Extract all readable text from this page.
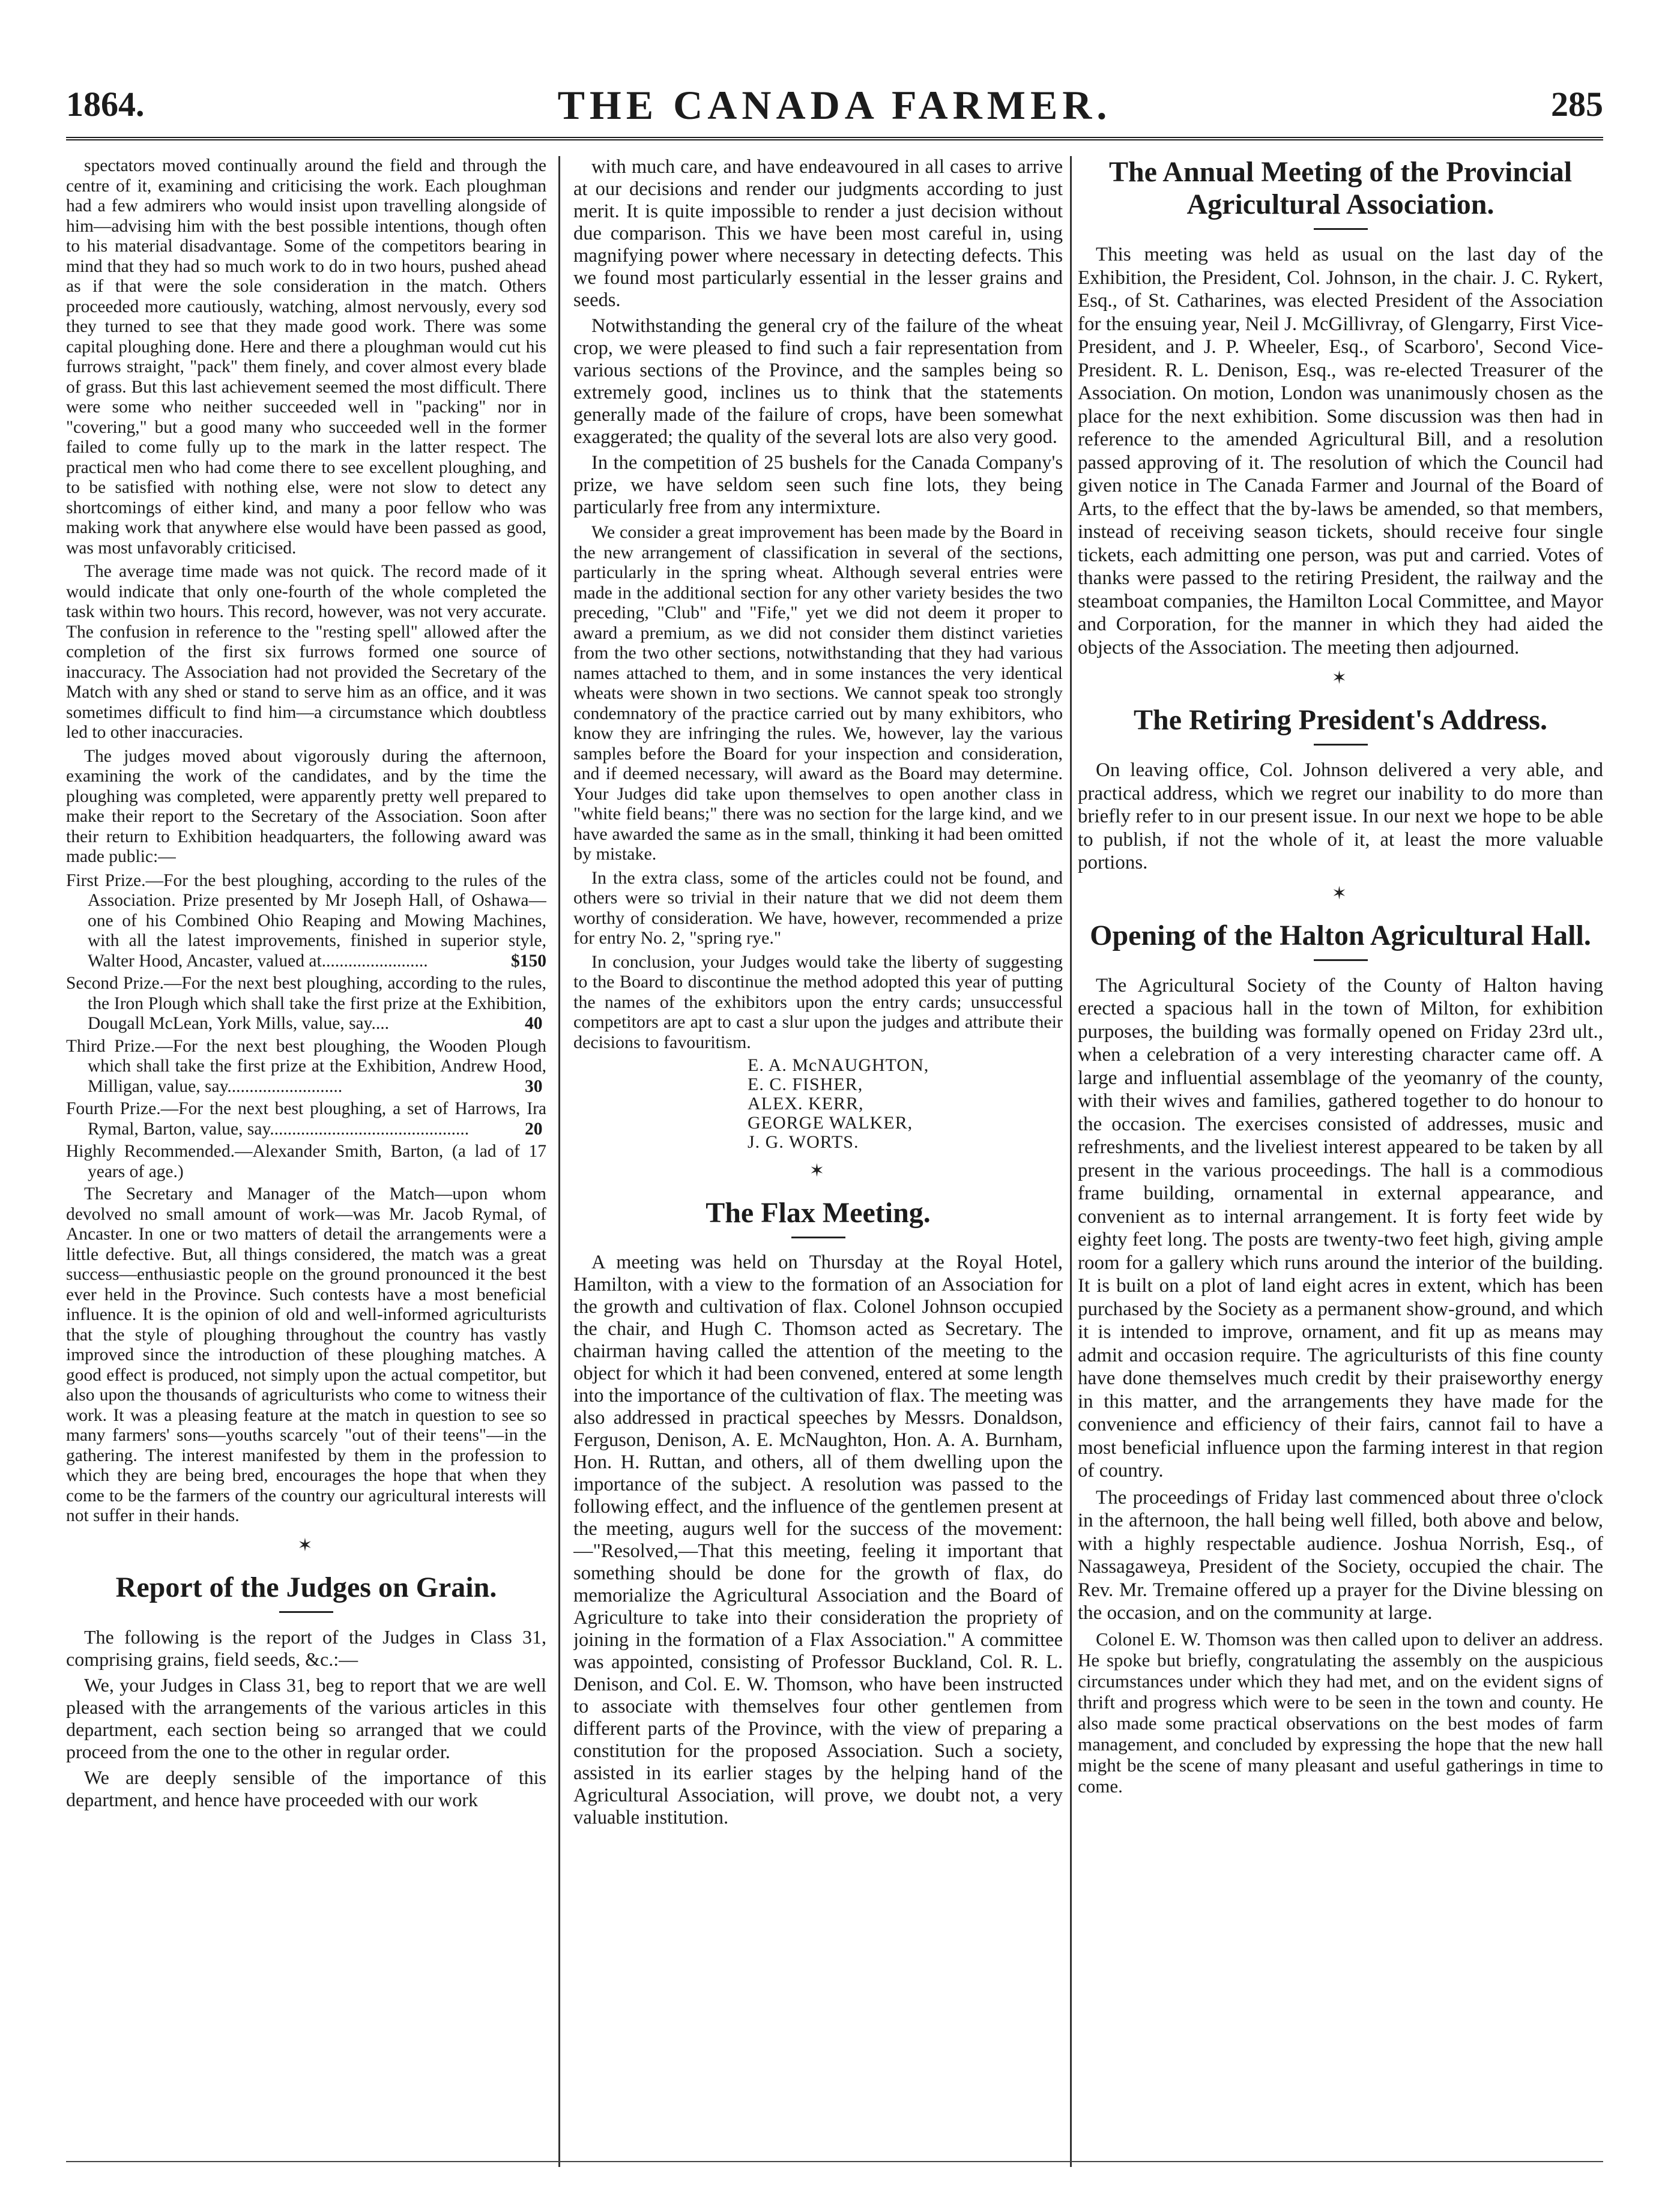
1864.	THE CANADA FARMER.	285

spectators moved continually around the field and through the centre of it, examining and criticising the work. Each ploughman had a few admirers who would insist upon travelling alongside of him—advising him with the best possible intentions, though often to his material disadvantage. Some of the competitors bearing in mind that they had so much work to do in two hours, pushed ahead as if that were the sole consideration in the match. Others proceeded more cautiously, watching, almost nervously, every sod they turned to see that they made good work. There was some capital ploughing done. Here and there a ploughman would cut his furrows straight, "pack" them finely, and cover almost every blade of grass. But this last achievement seemed the most difficult. There were some who neither succeeded well in "packing" nor in "covering," but a good many who succeeded well in the former failed to come fully up to the mark in the latter respect. The practical men who had come there to see excellent ploughing, and to be satisfied with nothing else, were not slow to detect any shortcomings of either kind, and many a poor fellow who was making work that anywhere else would have been passed as good, was most unfavorably criticised.

The average time made was not quick. The record made of it would indicate that only one-fourth of the whole completed the task within two hours. This record, however, was not very accurate. The confusion in reference to the "resting spell" allowed after the completion of the first six furrows formed one source of inaccuracy. The Association had not provided the Secretary of the Match with any shed or stand to serve him as an office, and it was sometimes difficult to find him—a circumstance which doubtless led to other inaccuracies.

The judges moved about vigorously during the afternoon, examining the work of the candidates, and by the time the ploughing was completed, were apparently pretty well prepared to make their report to the Secretary of the Association. Soon after their return to Exhibition headquarters, the following award was made public:—

First Prize.—For the best ploughing, according to the rules of the Association. Prize presented by Mr Joseph Hall, of Oshawa—one of his Combined Ohio Reaping and Mowing Machines, with all the latest improvements, finished in superior style, Walter Hood, Ancaster, valued at........................	$150
Second Prize.—For the next best ploughing, according to the rules, the Iron Plough which shall take the first prize at the Exhibition, Dougall McLean, York Mills, value, say....	40
Third Prize.—For the next best ploughing, the Wooden Plough which shall take the first prize at the Exhibition, Andrew Hood, Milligan, value, say..........................	30
Fourth Prize.—For the next best ploughing, a set of Harrows, Ira Rymal, Barton, value, say.............................................	20
Highly Recommended.—Alexander Smith, Barton, (a lad of 17 years of age.)

The Secretary and Manager of the Match—upon whom devolved no small amount of work—was Mr. Jacob Rymal, of Ancaster. In one or two matters of detail the arrangements were a little defective. But, all things considered, the match was a great success—enthusiastic people on the ground pronounced it the best ever held in the Province. Such contests have a most beneficial influence. It is the opinion of old and well-informed agriculturists that the style of ploughing throughout the country has vastly improved since the introduction of these ploughing matches. A good effect is produced, not simply upon the actual competitor, but also upon the thousands of agriculturists who come to witness their work. It was a pleasing feature at the match in question to see so many farmers' sons—youths scarcely "out of their teens"—in the gathering. The interest manifested by them in the profession to which they are being bred, encourages the hope that when they come to be the farmers of the country our agricultural interests will not suffer in their hands.

✶
Report of the Judges on Grain.

The following is the report of the Judges in Class 31, comprising grains, field seeds, &c.:—

We, your Judges in Class 31, beg to report that we are well pleased with the arrangements of the various articles in this department, each section being so arranged that we could proceed from the one to the other in regular order.

We are deeply sensible of the importance of this department, and hence have proceeded with our work

with much care, and have endeavoured in all cases to arrive at our decisions and render our judgments according to just merit. It is quite impossible to render a just decision without due comparison. This we have been most careful in, using magnifying power where necessary in detecting defects. This we found most particularly essential in the lesser grains and seeds.

Notwithstanding the general cry of the failure of the wheat crop, we were pleased to find such a fair representation from various sections of the Province, and the samples being so extremely good, inclines us to think that the statements generally made of the failure of crops, have been somewhat exaggerated; the quality of the several lots are also very good.

In the competition of 25 bushels for the Canada Company's prize, we have seldom seen such fine lots, they being particularly free from any intermixture.

We consider a great improvement has been made by the Board in the new arrangement of classification in several of the sections, particularly in the spring wheat. Although several entries were made in the additional section for any other variety besides the two preceding, "Club" and "Fife," yet we did not deem it proper to award a premium, as we did not consider them distinct varieties from the two other sections, notwithstanding that they had various names attached to them, and in some instances the very identical wheats were shown in two sections. We cannot speak too strongly condemnatory of the practice carried out by many exhibitors, who know they are infringing the rules. We, however, lay the various samples before the Board for your inspection and consideration, and if deemed necessary, will award as the Board may determine. Your Judges did take upon themselves to open another class in "white field beans;" there was no section for the large kind, and we have awarded the same as in the small, thinking it had been omitted by mistake.

In the extra class, some of the articles could not be found, and others were so trivial in their nature that we did not deem them worthy of consideration. We have, however, recommended a prize for entry No. 2, "spring rye."

In conclusion, your Judges would take the liberty of suggesting to the Board to discontinue the method adopted this year of putting the names of the exhibitors upon the entry cards; unsuccessful competitors are apt to cast a slur upon the judges and attribute their decisions to favouritism.

E. A. McNAUGHTON,
E. C. FISHER,
ALEX. KERR,
GEORGE WALKER,
J. G. WORTS.
✶
The Flax Meeting.

A meeting was held on Thursday at the Royal Hotel, Hamilton, with a view to the formation of an Association for the growth and cultivation of flax. Colonel Johnson occupied the chair, and Hugh C. Thomson acted as Secretary. The chairman having called the attention of the meeting to the object for which it had been convened, entered at some length into the importance of the cultivation of flax. The meeting was also addressed in practical speeches by Messrs. Donaldson, Ferguson, Denison, A. E. McNaughton, Hon. A. A. Burnham, Hon. H. Ruttan, and others, all of them dwelling upon the importance of the subject. A resolution was passed to the following effect, and the influence of the gentlemen present at the meeting, augurs well for the success of the movement:—"Resolved,—That this meeting, feeling it important that something should be done for the growth of flax, do memorialize the Agricultural Association and the Board of Agriculture to take into their consideration the propriety of joining in the formation of a Flax Association." A committee was appointed, consisting of Professor Buckland, Col. R. L. Denison, and Col. E. W. Thomson, who have been instructed to associate with themselves four other gentlemen from different parts of the Province, with the view of preparing a constitution for the proposed Association. Such a society, assisted in its earlier stages by the helping hand of the Agricultural Association, will prove, we doubt not, a very valuable institution.

The Annual Meeting of the Provincial Agricultural Association.

This meeting was held as usual on the last day of the Exhibition, the President, Col. Johnson, in the chair. J. C. Rykert, Esq., of St. Catharines, was elected President of the Association for the ensuing year, Neil J. McGillivray, of Glengarry, First Vice-President, and J. P. Wheeler, Esq., of Scarboro', Second Vice-President. R. L. Denison, Esq., was re-elected Treasurer of the Association. On motion, London was unanimously chosen as the place for the next exhibition. Some discussion was then had in reference to the amended Agricultural Bill, and a resolution passed approving of it. The resolution of which the Council had given notice in The Canada Farmer and Journal of the Board of Arts, to the effect that the by-laws be amended, so that members, instead of receiving season tickets, should receive four single tickets, each admitting one person, was put and carried. Votes of thanks were passed to the retiring President, the railway and the steamboat companies, the Hamilton Local Committee, and Mayor and Corporation, for the manner in which they had aided the objects of the Association. The meeting then adjourned.

✶
The Retiring President's Address.

On leaving office, Col. Johnson delivered a very able, and practical address, which we regret our inability to do more than briefly refer to in our present issue. In our next we hope to be able to publish, if not the whole of it, at least the more valuable portions.

✶
Opening of the Halton Agricultural Hall.

The Agricultural Society of the County of Halton having erected a spacious hall in the town of Milton, for exhibition purposes, the building was formally opened on Friday 23rd ult., when a celebration of a very interesting character came off. A large and influential assemblage of the yeomanry of the county, with their wives and families, gathered together to do honour to the occasion. The exercises consisted of addresses, music and refreshments, and the liveliest interest appeared to be taken by all present in the various proceedings. The hall is a commodious frame building, ornamental in external appearance, and convenient as to internal arrangement. It is forty feet wide by eighty feet long. The posts are twenty-two feet high, giving ample room for a gallery which runs around the interior of the building. It is built on a plot of land eight acres in extent, which has been purchased by the Society as a permanent show-ground, and which it is intended to improve, ornament, and fit up as means may admit and occasion require. The agriculturists of this fine county have done themselves much credit by their praiseworthy energy in this matter, and the arrangements they have made for the convenience and efficiency of their fairs, cannot fail to have a most beneficial influence upon the farming interest in that region of country.

The proceedings of Friday last commenced about three o'clock in the afternoon, the hall being well filled, both above and below, with a highly respectable audience. Joshua Norrish, Esq., of Nassagaweya, President of the Society, occupied the chair. The Rev. Mr. Tremaine offered up a prayer for the Divine blessing on the occasion, and on the community at large.

Colonel E. W. Thomson was then called upon to deliver an address. He spoke but briefly, congratulating the assembly on the auspicious circumstances under which they had met, and on the evident signs of thrift and progress which were to be seen in the town and county. He also made some practical observations on the best modes of farm management, and concluded by expressing the hope that the new hall might be the scene of many pleasant and useful gatherings in time to come.
